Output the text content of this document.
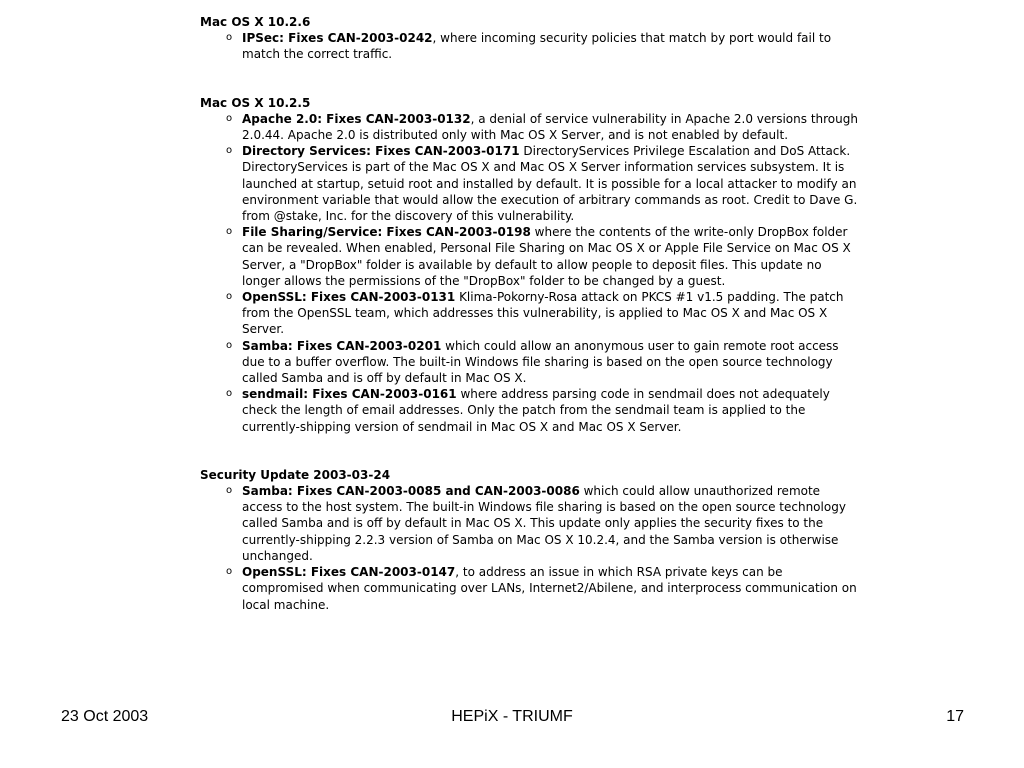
Mac OS X 10.2.6

o IPSec: Fixes CAN-2003-0242, where incoming security policies that match by port would fail to match the correct traffic.

Mac OS X 10.2.5

o Apache 2.0: Fixes CAN-2003-0132, a denial of service vulnerability in Apache 2.0 versions through 2.0.44. Apache 2.0 is distributed only with Mac OS X Server, and is not enabled by default.
o Directory Services: Fixes CAN-2003-0171 DirectoryServices Privilege Escalation and DoS Attack. DirectoryServices is part of the Mac OS X and Mac OS X Server information services subsystem. It is launched at startup, setuid root and installed by default. It is possible for a local attacker to modify an environment variable that would allow the execution of arbitrary commands as root. Credit to Dave G. from @stake, Inc. for the discovery of this vulnerability.
o File Sharing/Service: Fixes CAN-2003-0198 where the contents of the write-only DropBox folder can be revealed. When enabled, Personal File Sharing on Mac OS X or Apple File Service on Mac OS X Server, a "DropBox" folder is available by default to allow people to deposit files. This update no longer allows the permissions of the "DropBox" folder to be changed by a guest.
o OpenSSL: Fixes CAN-2003-0131 Klima-Pokorny-Rosa attack on PKCS #1 v1.5 padding. The patch from the OpenSSL team, which addresses this vulnerability, is applied to Mac OS X and Mac OS X Server.
o Samba: Fixes CAN-2003-0201 which could allow an anonymous user to gain remote root access due to a buffer overflow. The built-in Windows file sharing is based on the open source technology called Samba and is off by default in Mac OS X.
o sendmail: Fixes CAN-2003-0161 where address parsing code in sendmail does not adequately check the length of email addresses. Only the patch from the sendmail team is applied to the currently-shipping version of sendmail in Mac OS X and Mac OS X Server.

Security Update 2003-03-24

o Samba: Fixes CAN-2003-0085 and CAN-2003-0086 which could allow unauthorized remote access to the host system. The built-in Windows file sharing is based on the open source technology called Samba and is off by default in Mac OS X. This update only applies the security fixes to the currently-shipping 2.2.3 version of Samba on Mac OS X 10.2.4, and the Samba version is otherwise unchanged.
o OpenSSL: Fixes CAN-2003-0147, to address an issue in which RSA private keys can be compromised when communicating over LANs, Internet2/Abilene, and interprocess communication on local machine.
23 Oct 2003	HEPiX - TRIUMF	17
